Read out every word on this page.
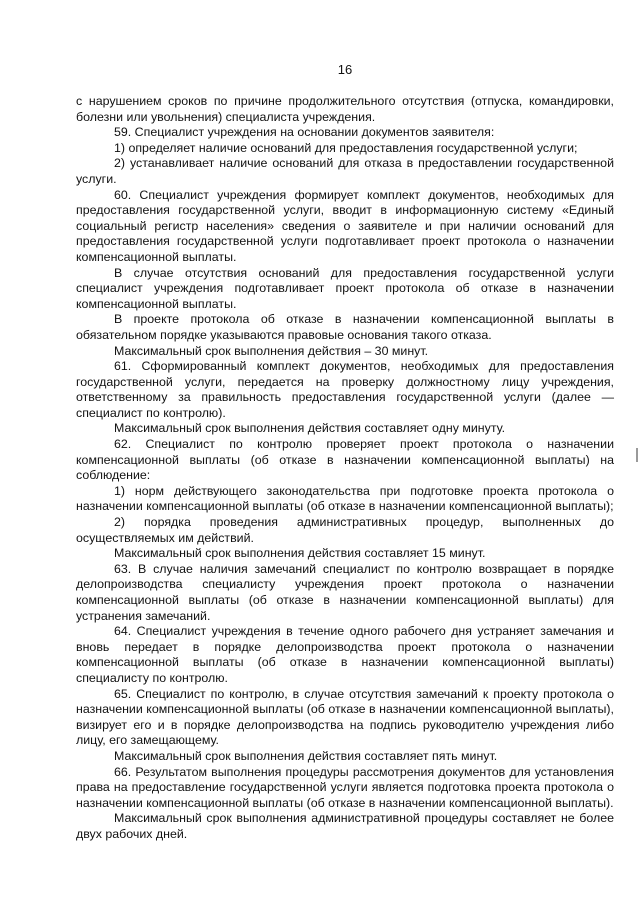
16

с нарушением сроков по причине продолжительного отсутствия (отпуска, командировки, болезни или увольнения) специалиста учреждения.

59. Специалист учреждения на основании документов заявителя:

1) определяет наличие оснований для предоставления государственной услуги;

2) устанавливает наличие оснований для отказа в предоставлении государственной услуги.

60. Специалист учреждения формирует комплект документов, необходимых для предоставления государственной услуги, вводит в информационную систему «Единый социальный регистр населения» сведения о заявителе и при наличии оснований для предоставления государственной услуги подготавливает проект протокола о назначении компенсационной выплаты.

В случае отсутствия оснований для предоставления государственной услуги специалист учреждения подготавливает проект протокола об отказе в назначении компенсационной выплаты.

В проекте протокола об отказе в назначении компенсационной выплаты в обязательном порядке указываются правовые основания такого отказа.

Максимальный срок выполнения действия – 30 минут.

61. Сформированный комплект документов, необходимых для предоставления государственной услуги, передается на проверку должностному лицу учреждения, ответственному за правильность предоставления государственной услуги (далее — специалист по контролю).

Максимальный срок выполнения действия составляет одну минуту.

62. Специалист по контролю проверяет проект протокола о назначении компенсационной выплаты (об отказе в назначении компенсационной выплаты) на соблюдение:

1) норм действующего законодательства при подготовке проекта протокола о назначении компенсационной выплаты (об отказе в назначении компенсационной выплаты);

2) порядка проведения административных процедур, выполненных до осуществляемых им действий.

Максимальный срок выполнения действия составляет 15 минут.

63. В случае наличия замечаний специалист по контролю возвращает в порядке делопроизводства специалисту учреждения проект протокола о назначении компенсационной выплаты (об отказе в назначении компенсационной выплаты) для устранения замечаний.

64. Специалист учреждения в течение одного рабочего дня устраняет замечания и вновь передает в порядке делопроизводства проект протокола о назначении компенсационной выплаты (об отказе в назначении компенсационной выплаты) специалисту по контролю.

65. Специалист по контролю, в случае отсутствия замечаний к проекту протокола о назначении компенсационной выплаты (об отказе в назначении компенсационной выплаты), визирует его и в порядке делопроизводства на подпись руководителю учреждения либо лицу, его замещающему.

Максимальный срок выполнения действия составляет пять минут.

66. Результатом выполнения процедуры рассмотрения документов для установления права на предоставление государственной услуги является подготовка проекта протокола о назначении компенсационной выплаты (об отказе в назначении компенсационной выплаты).

Максимальный срок выполнения административной процедуры составляет не более двух рабочих дней.
